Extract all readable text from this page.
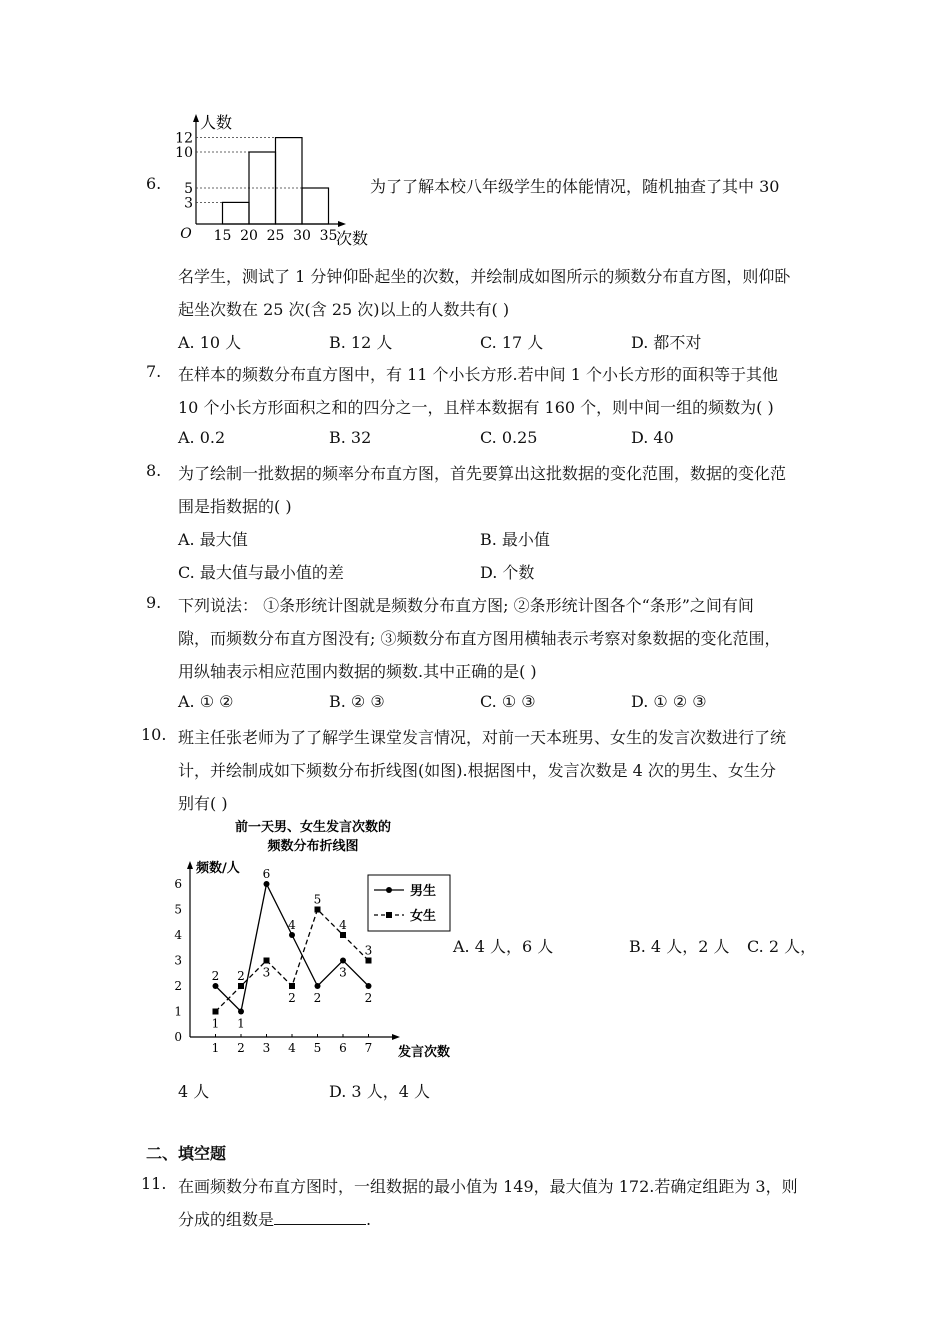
6.
3
5
10
12
15 20 25 30 35
O	次数
人数
为了了解本校八年级学生的体能情况，随机抽查了其中 30
名学生，测试了 1 分钟仰卧起坐的次数，并绘制成如图所示的频数分布直方图，则仰卧
起坐次数在 25 次(含 25 次)以上的人数共有( )
A. 10 人	B. 12 人	C. 17 人	D. 都不对
7. 在样本的频数分布直方图中，有 11 个小长方形.若中间 1 个小长方形的面积等于其他
10 个小长方形面积之和的四分之一，且样本数据有 160 个，则中间一组的频数为( )
A. 0.2	B. 32	C. 0.25	D. 40
8. 为了绘制一批数据的频率分布直方图，首先要算出这批数据的变化范围，数据的变化范
围是指数据的( )
A. 最大值	B. 最小值
C. 最大值与最小值的差	D. 个数
9. 下列说法： ①条形统计图就是频数分布直方图; ②条形统计图各个“条形”之间有间
隙，而频数分布直方图没有; ③频数分布直方图用横轴表示考察对象数据的变化范围，
用纵轴表示相应范围内数据的频数.其中正确的是( )
A. ① ②	B. ② ③	C. ① ③	D. ① ② ③
10. 班主任张老师为了了解学生课堂发言情况，对前一天本班男、女生的发言次数进行了统
计，并绘制成如下频数分布折线图(如图).根据图中，发言次数是 4 次的男生、女生分
别有( )
前一天男、女生发言次数的
频数分布折线图
频数/人
发言次数
0
1
2
3
4
5
6
1 2 3 4 5 6 7
2
1
6
4
2
3
2
1
2 3
2
5
4
3
男生
女生
A. 4 人，6 人	B. 4 人，2 人 C. 2 人，
4 人	D. 3 人，4 人
二、填空题
11. 在画频数分布直方图时，一组数据的最小值为 149，最大值为 172.若确定组距为 3，则
分成的组数是	.
